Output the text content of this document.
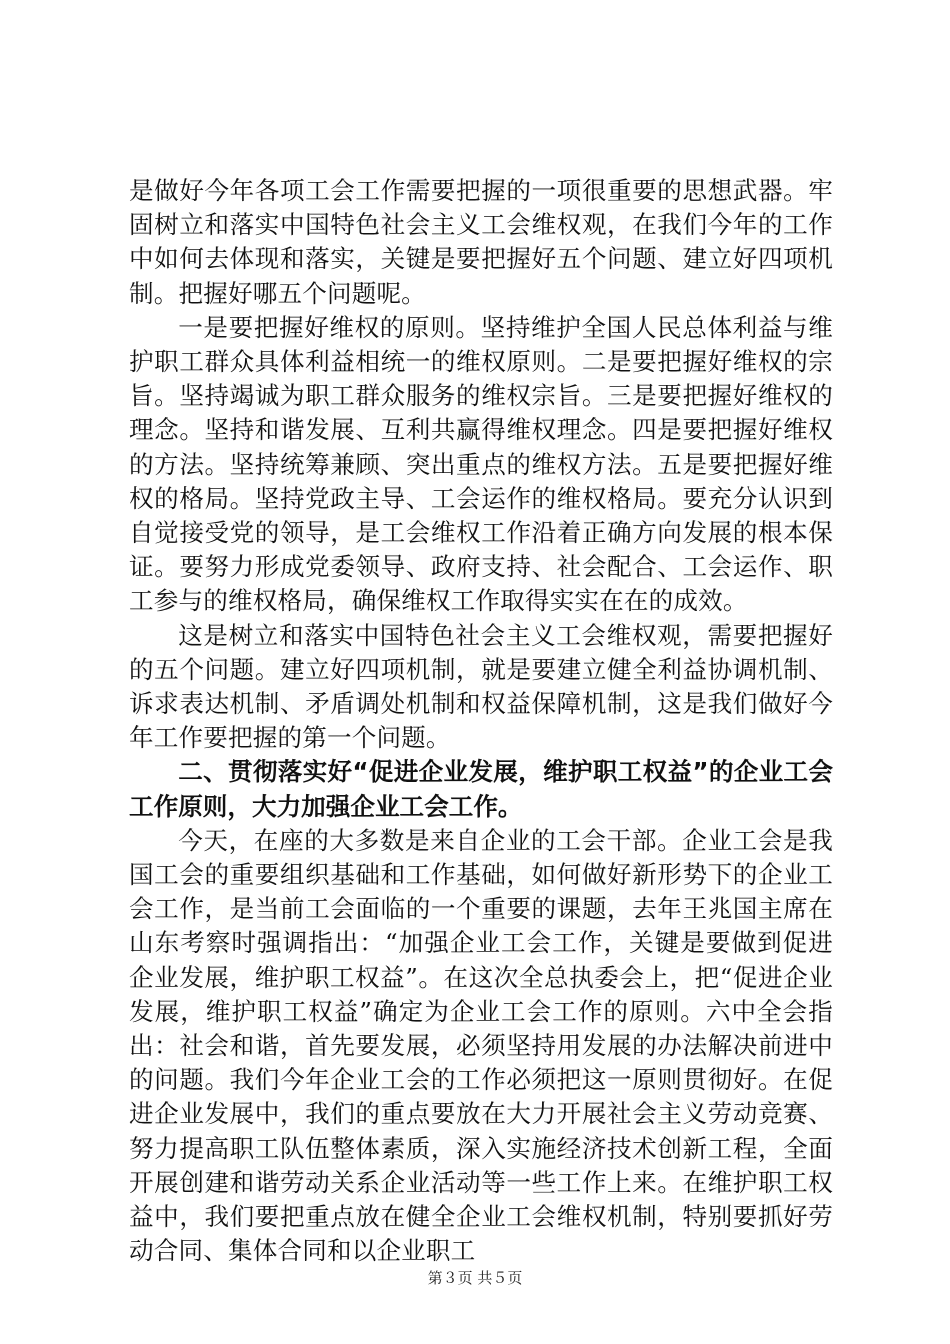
是做好今年各项工会工作需要把握的一项很重要的思想武器。牢固树立和落实中国特色社会主义工会维权观，在我们今年的工作中如何去体现和落实，关键是要把握好五个问题、建立好四项机制。把握好哪五个问题呢。

一是要把握好维权的原则。坚持维护全国人民总体利益与维护职工群众具体利益相统一的维权原则。二是要把握好维权的宗旨。坚持竭诚为职工群众服务的维权宗旨。三是要把握好维权的理念。坚持和谐发展、互利共赢得维权理念。四是要把握好维权的方法。坚持统筹兼顾、突出重点的维权方法。五是要把握好维权的格局。坚持党政主导、工会运作的维权格局。要充分认识到自觉接受党的领导，是工会维权工作沿着正确方向发展的根本保证。要努力形成党委领导、政府支持、社会配合、工会运作、职工参与的维权格局，确保维权工作取得实实在在的成效。

这是树立和落实中国特色社会主义工会维权观，需要把握好的五个问题。建立好四项机制，就是要建立健全利益协调机制、诉求表达机制、矛盾调处机制和权益保障机制，这是我们做好今年工作要把握的第一个问题。

二、贯彻落实好“促进企业发展，维护职工权益”的企业工会工作原则，大力加强企业工会工作。

今天，在座的大多数是来自企业的工会干部。企业工会是我国工会的重要组织基础和工作基础，如何做好新形势下的企业工会工作，是当前工会面临的一个重要的课题，去年王兆国主席在山东考察时强调指出：“加强企业工会工作，关键是要做到促进企业发展，维护职工权益”。在这次全总执委会上，把“促进企业发展，维护职工权益”确定为企业工会工作的原则。六中全会指出：社会和谐，首先要发展，必须坚持用发展的办法解决前进中的问题。我们今年企业工会的工作必须把这一原则贯彻好。在促进企业发展中，我们的重点要放在大力开展社会主义劳动竞赛、努力提高职工队伍整体素质，深入实施经济技术创新工程，全面开展创建和谐劳动关系企业活动等一些工作上来。在维护职工权益中，我们要把重点放在健全企业工会维权机制，特别要抓好劳动合同、集体合同和以企业职工

第３页 共５页
